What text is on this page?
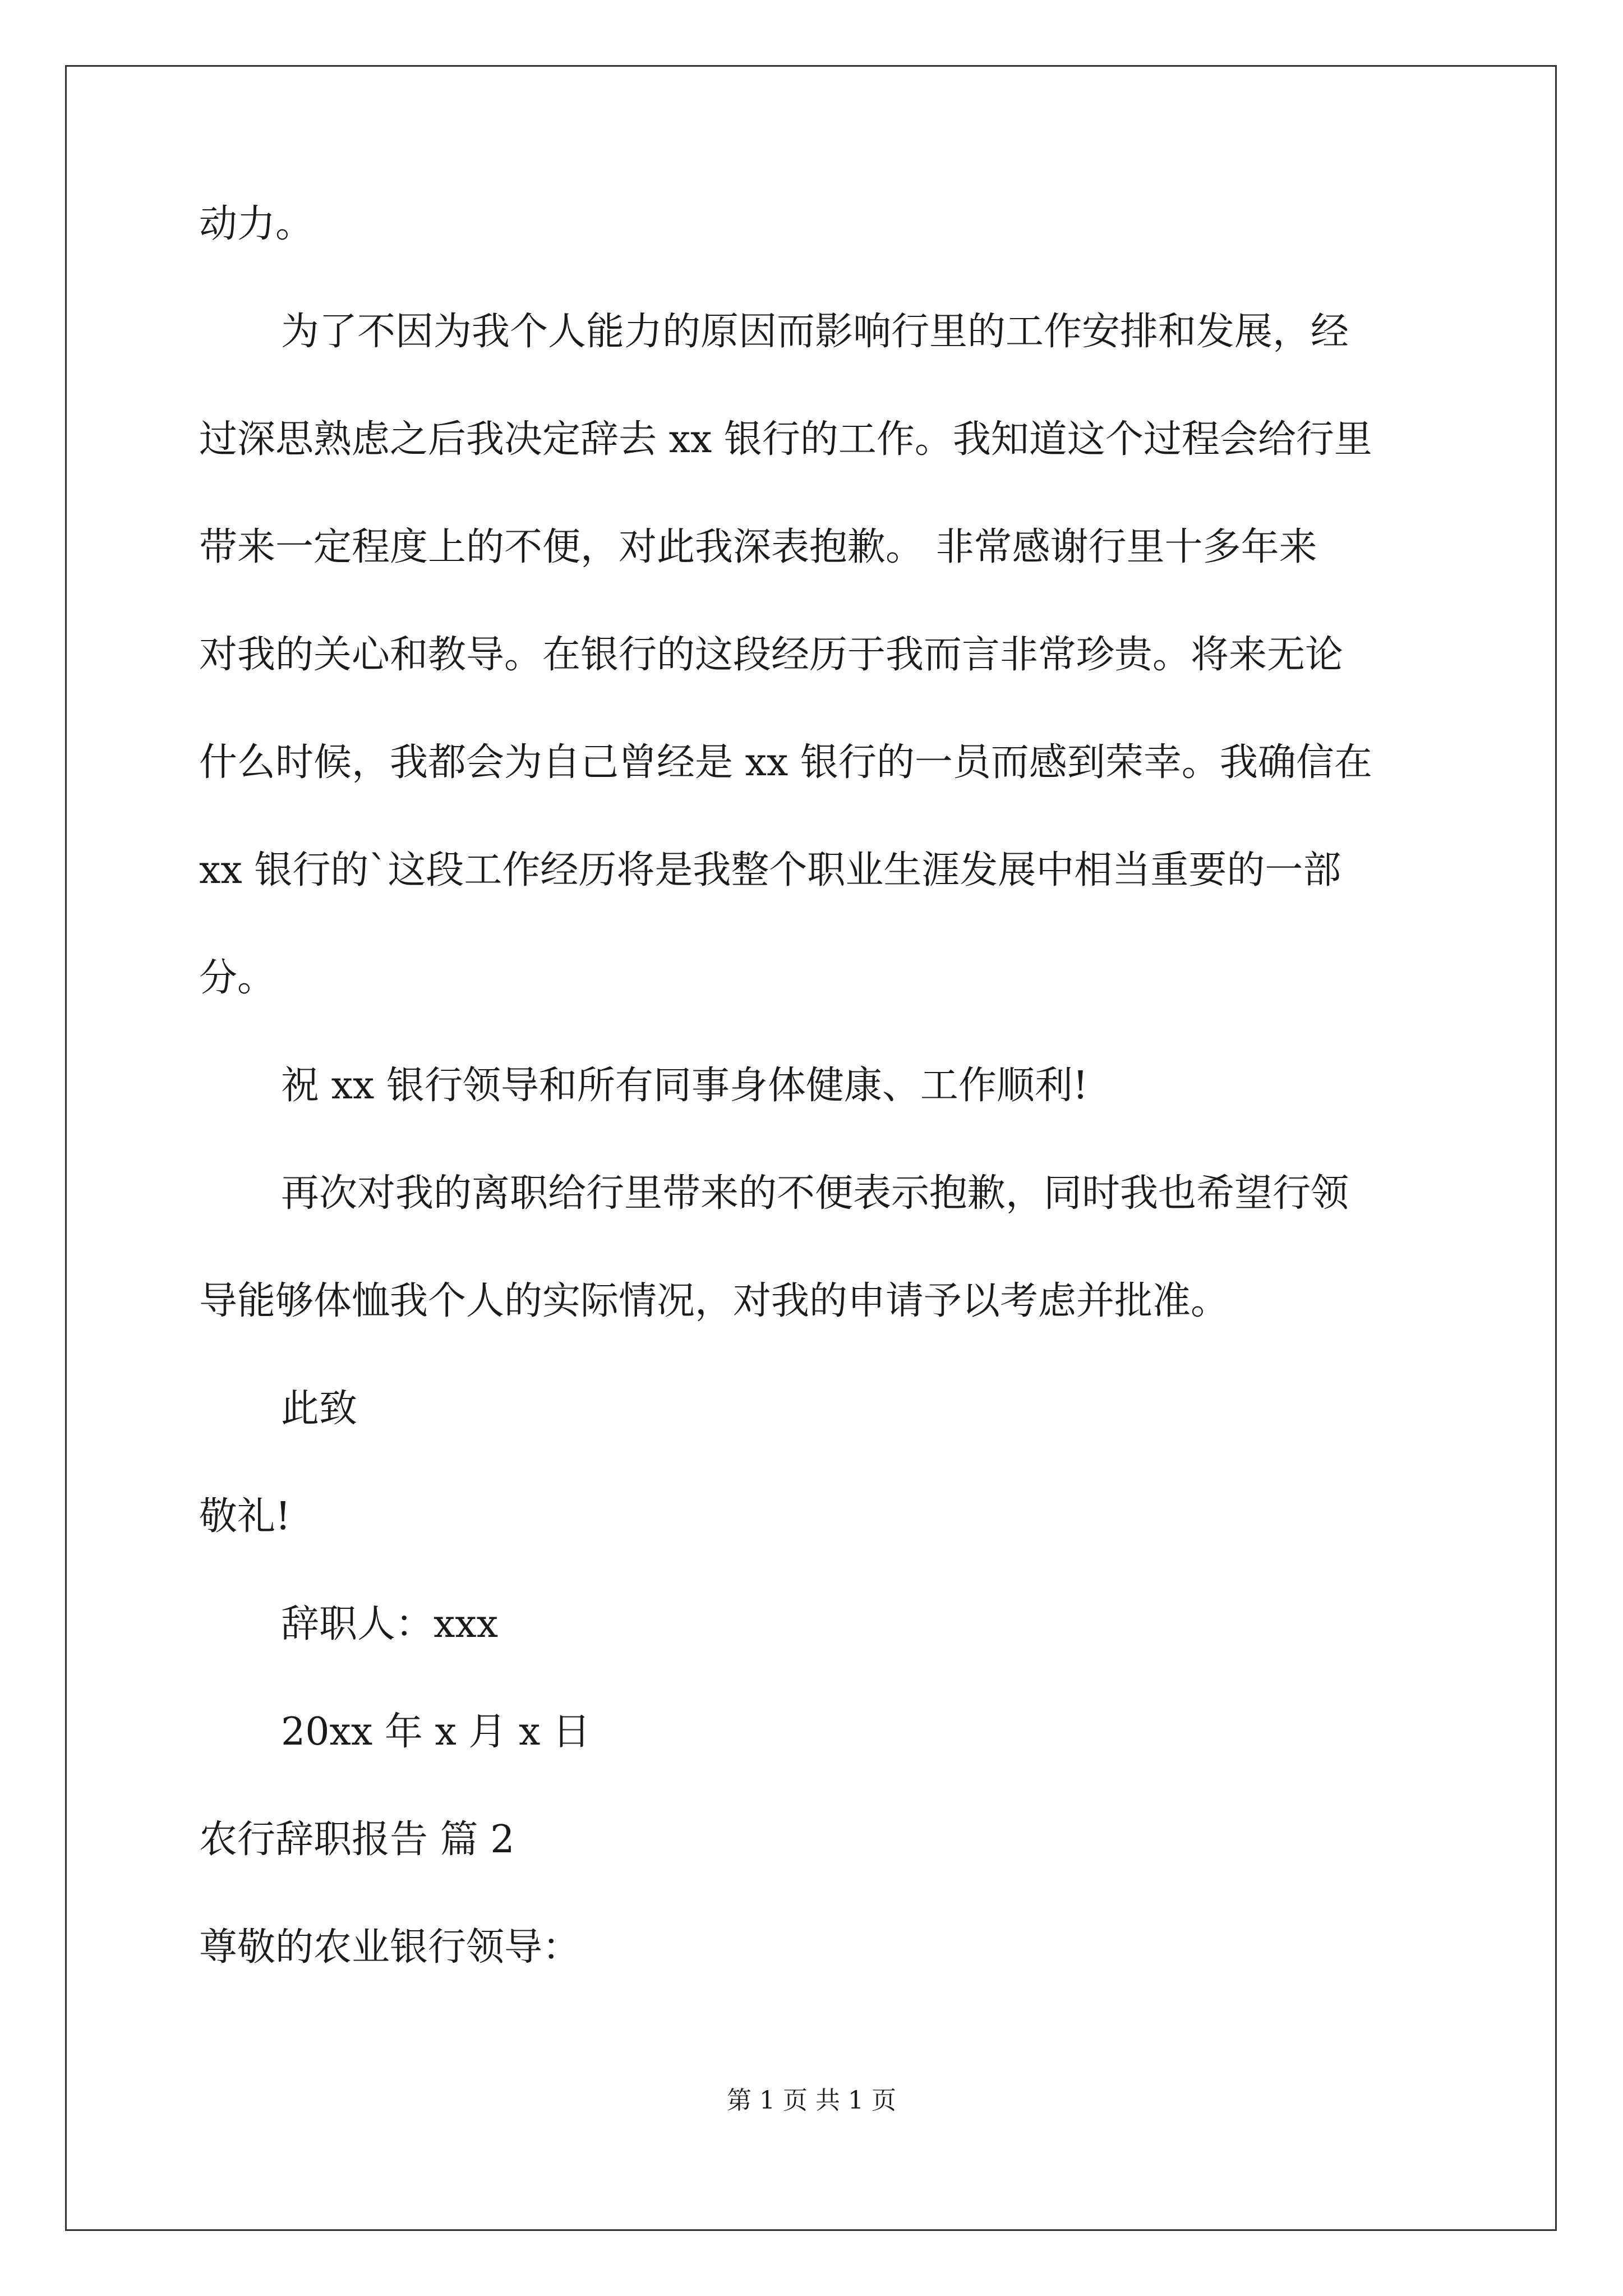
动力。
为了不因为我个人能力的原因而影响行里的工作安排和发展，经
过深思熟虑之后我决定辞去 xx 银行的工作。我知道这个过程会给行里
带来一定程度上的不便，对此我深表抱歉。 非常感谢行里十多年来
对我的关心和教导。在银行的这段经历于我而言非常珍贵。将来无论
什么时候，我都会为自己曾经是 xx 银行的一员而感到荣幸。我确信在
xx 银行的`这段工作经历将是我整个职业生涯发展中相当重要的一部
分。
祝 xx 银行领导和所有同事身体健康、工作顺利!
再次对我的离职给行里带来的不便表示抱歉，同时我也希望行领
导能够体恤我个人的实际情况，对我的申请予以考虑并批准。
此致
敬礼!
辞职人：xxx
20xx 年 x 月 x 日
农行辞职报告 篇 2
尊敬的农业银行领导：
第 1 页 共 1 页
